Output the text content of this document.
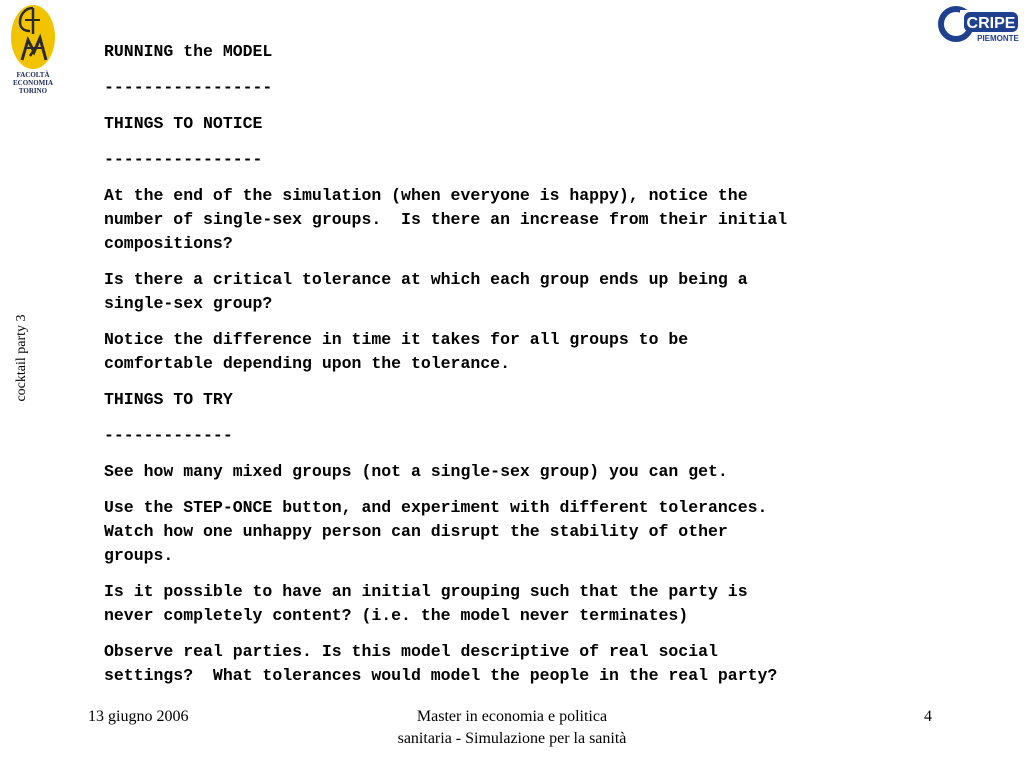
FACOLTÀ
ECONOMIA
TORINO
CRIPE
PIEMONTE
cocktail party 3

RUNNING the MODEL

-----------------

THINGS TO NOTICE

----------------

At the end of the simulation (when everyone is happy), notice the
number of single-sex groups.  Is there an increase from their initial
compositions?

Is there a critical tolerance at which each group ends up being a
single-sex group?

Notice the difference in time it takes for all groups to be
comfortable depending upon the tolerance.

THINGS TO TRY

-------------

See how many mixed groups (not a single-sex group) you can get.

Use the STEP-ONCE button, and experiment with different tolerances.
Watch how one unhappy person can disrupt the stability of other
groups.

Is it possible to have an initial grouping such that the party is
never completely content? (i.e. the model never terminates)

Observe real parties. Is this model descriptive of real social
settings?  What tolerances would model the people in the real party?

13 giugno 2006	Master in economia e politica
sanitaria - Simulazione per la sanità
4
